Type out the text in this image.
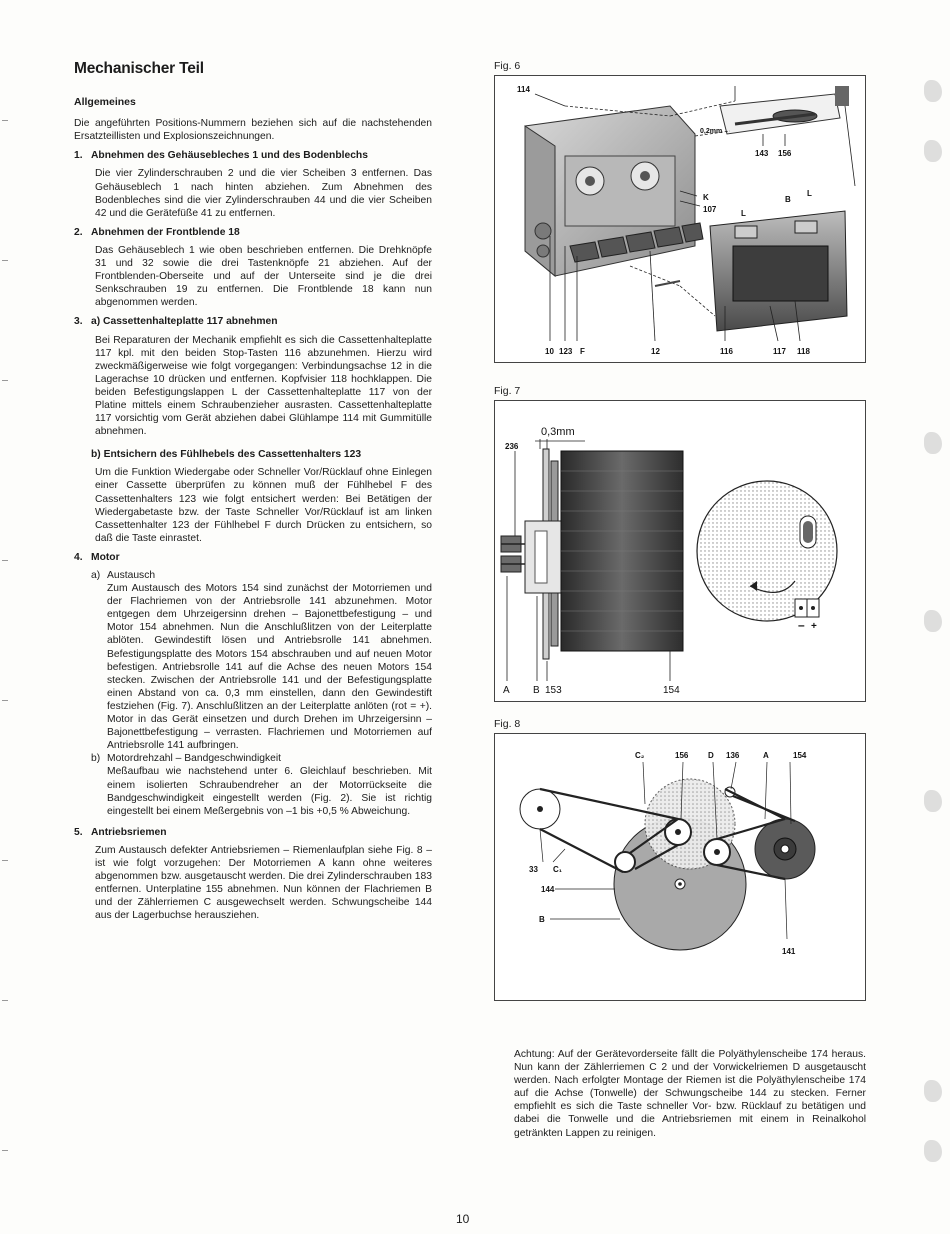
Mechanischer Teil
Allgemeines

Die angeführten Positions-Nummern beziehen sich auf die nachstehenden Ersatzteillisten und Explosionszeichnungen.

1. Abnehmen des Gehäusebleches 1 und des Bodenblechs

Die vier Zylinderschrauben 2 und die vier Scheiben 3 entfernen. Das Gehäuseblech 1 nach hinten abziehen. Zum Abnehmen des Bodenbleches sind die vier Zylinderschrauben 44 und die vier Scheiben 42 und die Gerätefüße 41 zu entfernen.

2. Abnehmen der Frontblende 18

Das Gehäuseblech 1 wie oben beschrieben entfernen. Die Drehknöpfe 31 und 32 sowie die drei Tastenknöpfe 21 abziehen. Auf der Frontblenden-Oberseite und auf der Unterseite sind je die drei Senkschrauben 19 zu entfernen. Die Frontblende 18 kann nun abgenommen werden.

3. a) Cassettenhalteplatte 117 abnehmen

Bei Reparaturen der Mechanik empfiehlt es sich die Cassettenhalteplatte 117 kpl. mit den beiden Stop-Tasten 116 abzunehmen. Hierzu wird zweckmäßigerweise wie folgt vorgegangen: Verbindungsachse 12 in die Lagerachse 10 drücken und entfernen. Kopfvisier 118 hochklappen. Die beiden Befestigungslappen L der Cassettenhalteplatte 117 von der Platine mittels einem Schraubenzieher ausrasten. Cassettenhalteplatte 117 vorsichtig vom Gerät abziehen dabei Glühlampe 114 mit Gummitülle abnehmen.

b) Entsichern des Fühlhebels des Cassettenhalters 123

Um die Funktion Wiedergabe oder Schneller Vor/Rücklauf ohne Einlegen einer Cassette überprüfen zu können muß der Fühlhebel F des Cassettenhalters 123 wie folgt entsichert werden: Bei Betätigen der Wiedergabetaste bzw. der Taste Schneller Vor/Rücklauf ist am linken Cassettenhalter 123 der Fühlhebel F durch Drücken zu entsichern, so daß die Taste einrastet.

4. Motor
a) Austausch

Zum Austausch des Motors 154 sind zunächst der Motorriemen und der Flachriemen von der Antriebsrolle 141 abzunehmen. Motor entgegen dem Uhrzeigersinn drehen – Bajonettbefestigung – und Motor 154 abnehmen. Nun die Anschlußlitzen von der Leiterplatte ablöten. Gewindestift lösen und Antriebsrolle 141 abnehmen. Befestigungsplatte des Motors 154 abschrauben und auf neuen Motor befestigen. Antriebsrolle 141 auf die Achse des neuen Motors 154 stecken. Zwischen der Antriebsrolle 141 und der Befestigungsplatte einen Abstand von ca. 0,3 mm einstellen, dann den Gewindestift festziehen (Fig. 7). Anschlußlitzen an der Leiterplatte anlöten (rot = +). Motor in das Gerät einsetzen und durch Drehen im Uhrzeigersinn – Bajonettbefestigung – verrasten. Flachriemen und Motorriemen auf Antriebsrolle 141 aufbringen.

b) Motordrehzahl – Bandgeschwindigkeit

Meßaufbau wie nachstehend unter 6. Gleichlauf beschrieben. Mit einem isolierten Schraubendreher an der Motorrückseite die Bandgeschwindigkeit eingestellt werden (Fig. 2). Sie ist richtig eingestellt bei einem Meßergebnis von –1 bis +0,5 % Abweichung.

5. Antriebsriemen

Zum Austausch defekter Antriebsriemen – Riemenlaufplan siehe Fig. 8 – ist wie folgt vorzugehen: Der Motorriemen A kann ohne weiteres abgenommen bzw. ausgetauscht werden. Die drei Zylinderschrauben 183 entfernen. Unterplatine 155 abnehmen. Nun können der Flachriemen B und der Zählerriemen C ausgewechselt werden. Schwungscheibe 144 aus der Lagerbuchse herausziehen.

Fig. 6
114
0,2mm
143 156
K
107	L
B
L
10 123 F	12	116	117 118
Fig. 7
0,3mm
236
A B 153	154
– +
Fig. 8
C₂	156 D 136	A	154
33 C₁
144
B
141

Achtung: Auf der Gerätevorderseite fällt die Polyäthylenscheibe 174 heraus. Nun kann der Zählerriemen C 2 und der Vorwickelriemen D ausgetauscht werden. Nach erfolgter Montage der Riemen ist die Polyäthylenscheibe 174 auf die Achse (Tonwelle) der Schwungscheibe 144 zu stecken. Ferner empfiehlt es sich die Taste schneller Vor- bzw. Rücklauf zu betätigen und dabei die Tonwelle und die Antriebsriemen mit einem in Reinalkohol getränkten Lappen zu reinigen.

10
